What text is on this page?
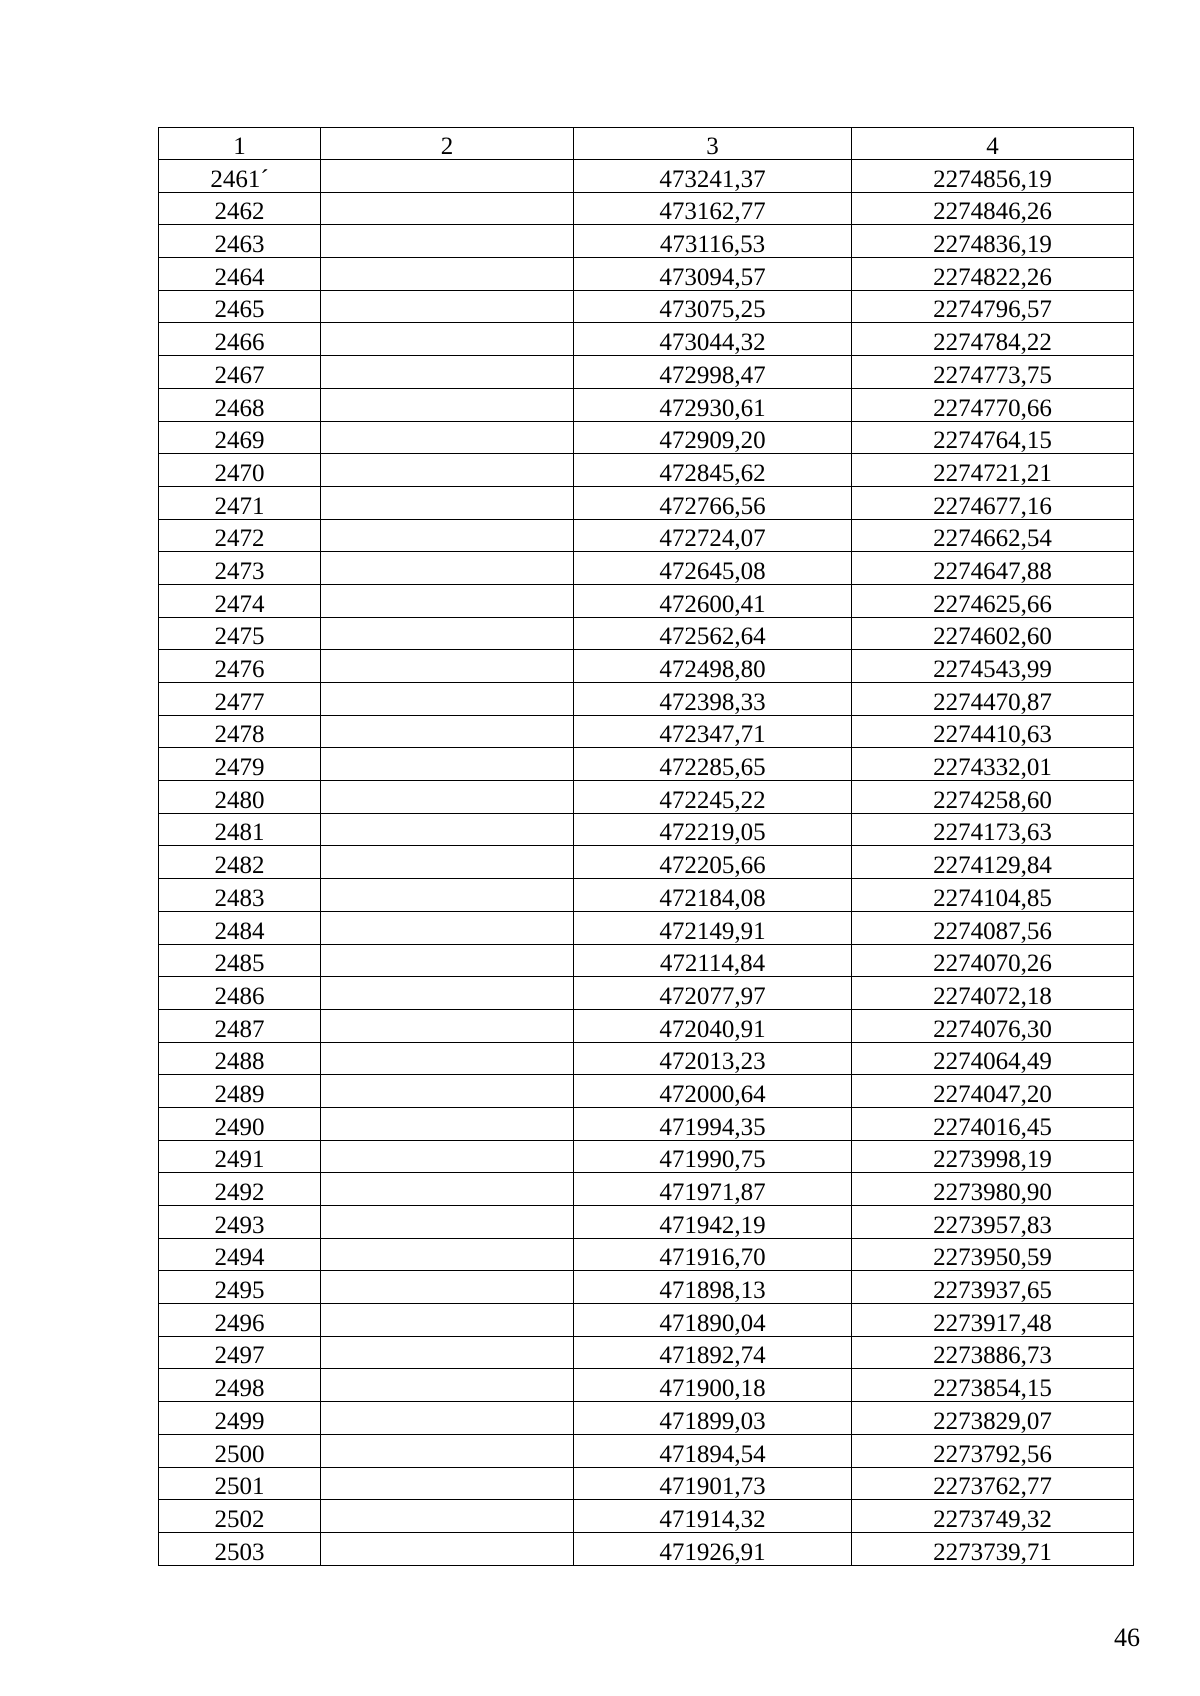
1	2	3	4
2461´		473241,37	2274856,19
2462		473162,77	2274846,26
2463		473116,53	2274836,19
2464		473094,57	2274822,26
2465		473075,25	2274796,57
2466		473044,32	2274784,22
2467		472998,47	2274773,75
2468		472930,61	2274770,66
2469		472909,20	2274764,15
2470		472845,62	2274721,21
2471		472766,56	2274677,16
2472		472724,07	2274662,54
2473		472645,08	2274647,88
2474		472600,41	2274625,66
2475		472562,64	2274602,60
2476		472498,80	2274543,99
2477		472398,33	2274470,87
2478		472347,71	2274410,63
2479		472285,65	2274332,01
2480		472245,22	2274258,60
2481		472219,05	2274173,63
2482		472205,66	2274129,84
2483		472184,08	2274104,85
2484		472149,91	2274087,56
2485		472114,84	2274070,26
2486		472077,97	2274072,18
2487		472040,91	2274076,30
2488		472013,23	2274064,49
2489		472000,64	2274047,20
2490		471994,35	2274016,45
2491		471990,75	2273998,19
2492		471971,87	2273980,90
2493		471942,19	2273957,83
2494		471916,70	2273950,59
2495		471898,13	2273937,65
2496		471890,04	2273917,48
2497		471892,74	2273886,73
2498		471900,18	2273854,15
2499		471899,03	2273829,07
2500		471894,54	2273792,56
2501		471901,73	2273762,77
2502		471914,32	2273749,32
2503		471926,91	2273739,71
46
